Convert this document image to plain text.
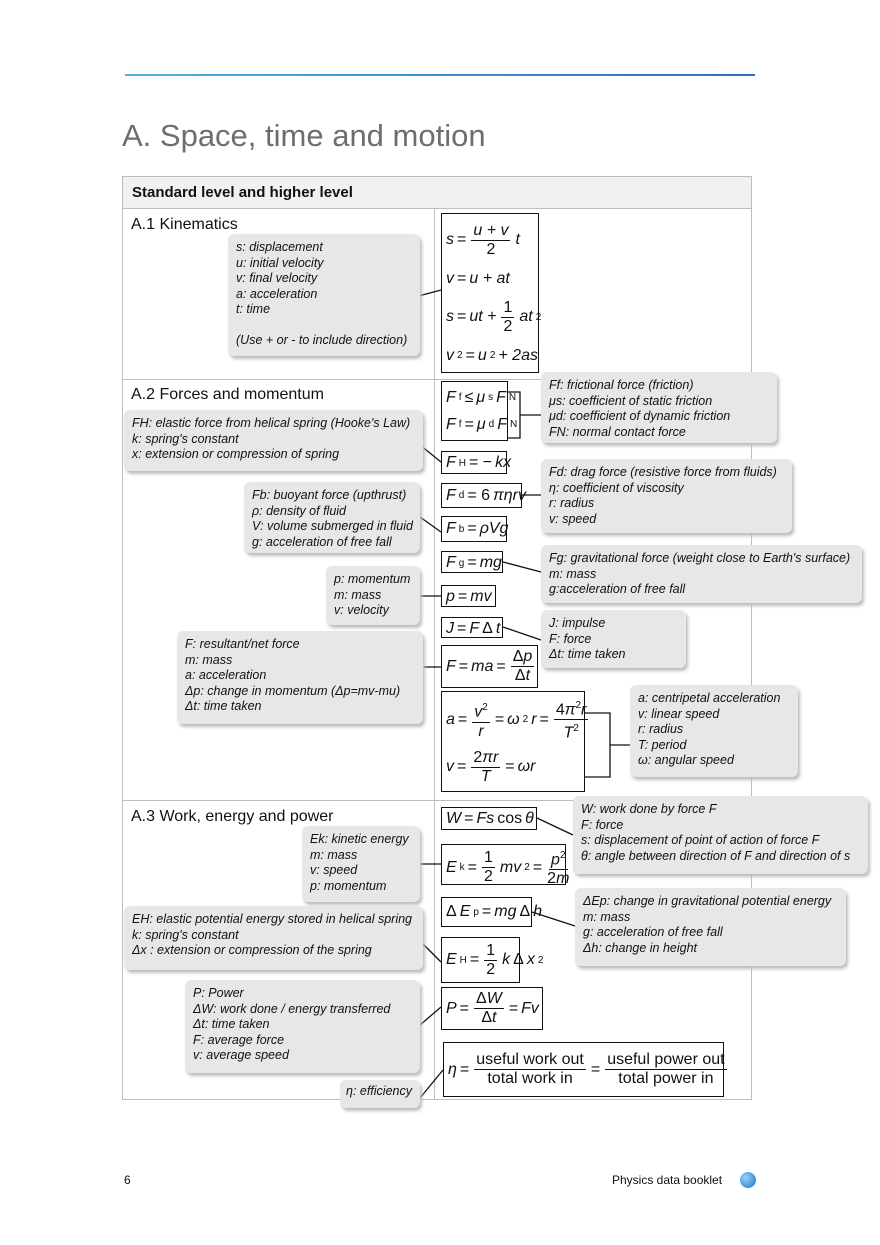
A. Space, time and motion
Standard level and higher level
A.1 Kinematics
A.2 Forces and momentum
A.3 Work, energy and power
s: displacement
u: initial velocity
v: final velocity
a: acceleration
t: time
(Use + or - to include direction)
$s = \frac{u + v}{2}$ t
v = u + at
s = ut + $\frac{1}{2}$ at 2
v 2 = u 2 + 2as
F f ≤ μ s F N
F f = μ d F N
Ff: frictional force (friction)
μs: coefficient of static friction
μd: coefficient of dynamic friction
FN: normal contact force
FH: elastic force from helical spring (Hooke's Law)
k: spring's constant
x: extension or compression of spring	F H = − kx
Fd: drag force (resistive force from fluids)
η: coefficient of viscosity
r: radius
v: speed
F d = 6 πηrv
Fb: buoyant force (upthrust)
ρ: density of fluid
V: volume submerged in fluid
g: acceleration of free fall
F b = ρVg
Fg: gravitational force (weight close to Earth's surface)
m: mass
g:acceleration of free fall
F g = mg
p: momentum
m: mass
v: velocity
p = mv
J: impulse
F: force
Δt: time taken
J = F Δ t
F: resultant/net force
m: mass
a: acceleration
Δp: change in momentum (Δp=mv-mu)
Δt: time taken
F = ma = $\frac{\Delta p}{\Delta t}$
$a = \frac{v^2}{r} = \omega$ 2 $r = \frac{4\pi^2r}{T^2}$
$v = \frac{2\pi r}{T} = \omega r$
a: centripetal acceleration
v: linear speed
r: radius
T: period
ω: angular speed
W = Fs cos θ
W: work done by force F
F: force
s: displacement of point of action of force F
θ: angle between direction of F and direction of s
Ek: kinetic energy
m: mass
v: speed
p: momentum
E $k = \frac{1}{2}$ mv $2 = \frac{p^2}{2m}$
Δ E p = mg Δ h
ΔEp: change in gravitational potential energy
m: mass
g: acceleration of free fall
Δh: change in height
EH: elastic potential energy stored in helical spring
k: spring's constant
Δx : extension or compression of the spring
E $H = \frac{1}{2}$ k Δ x 2
P: Power
ΔW: work done / energy transferred
Δt: time taken
F: average force
v: average speed
$P = \frac{\Delta W}{\Delta t} = Fv$
$\eta = \frac{\text{useful work out}}{\text{total work in}} = \frac{\text{useful power out}}{\text{total power in}}$
η: efficiency
6	Physics data booklet
